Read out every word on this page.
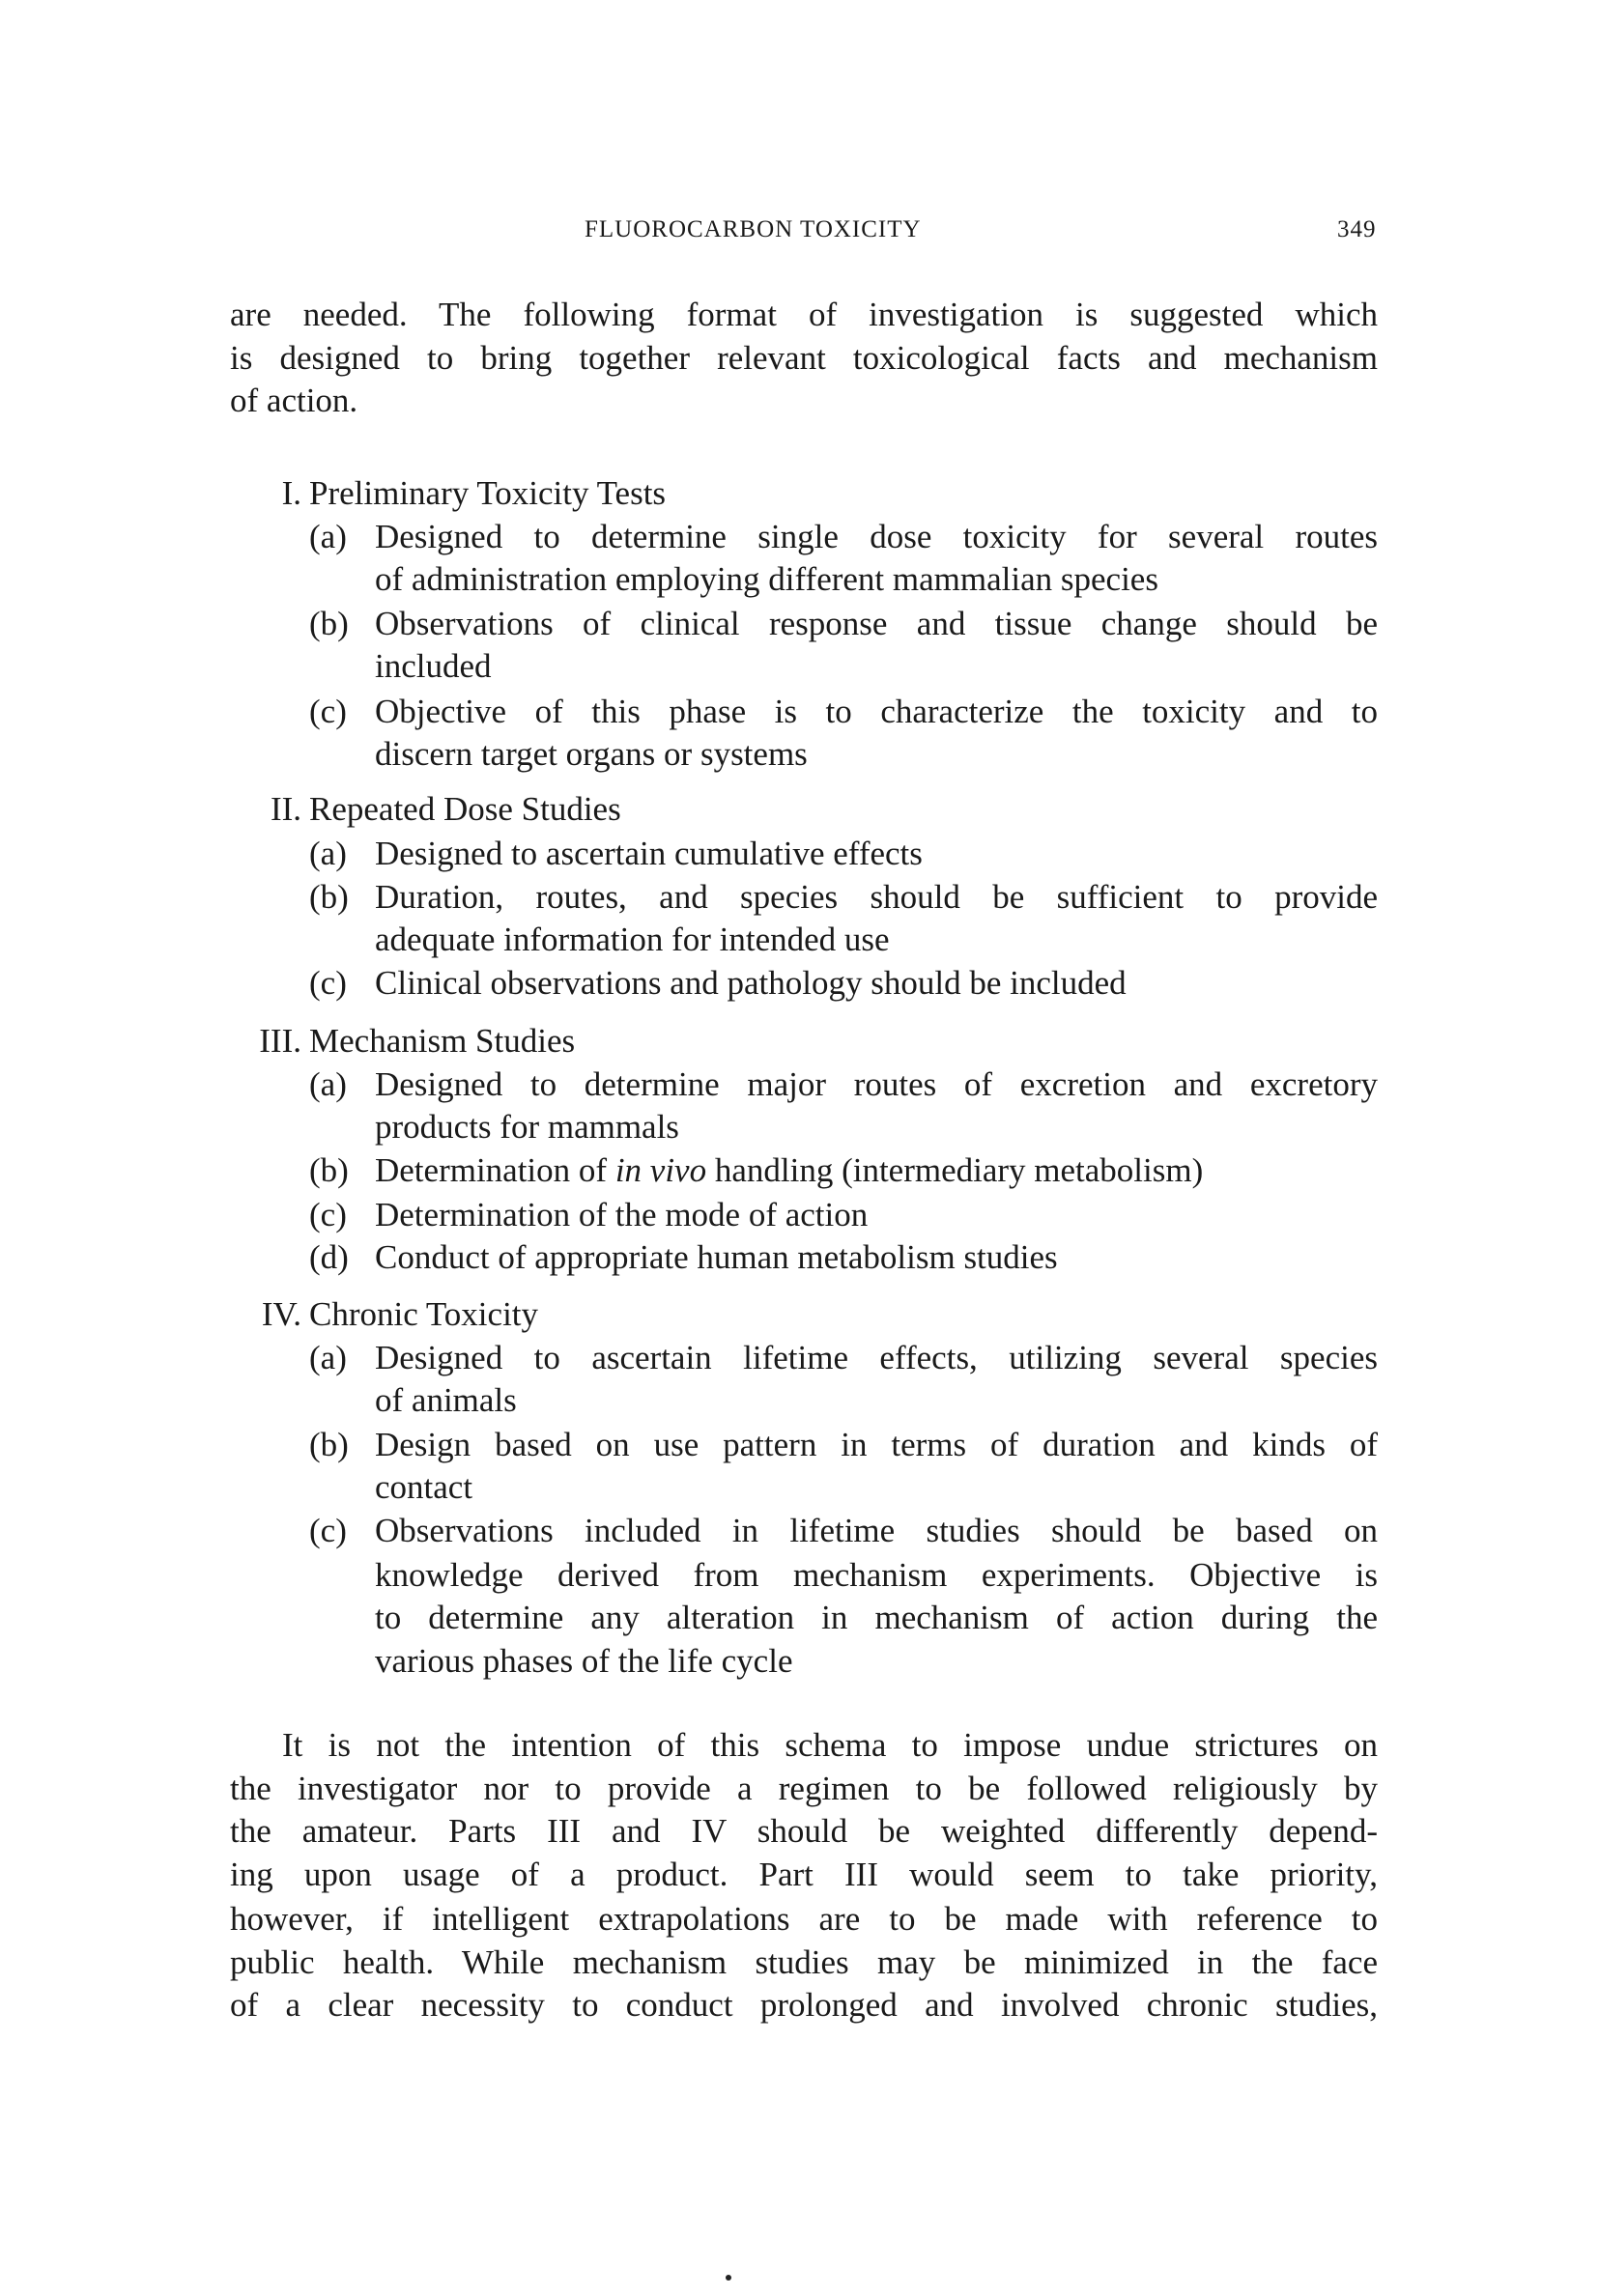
FLUOROCARBON TOXICITY	349
are needed. The following format of investigation is suggested which
is designed to bring together relevant toxicological facts and mechanism
of action.
I. Preliminary Toxicity Tests
(a) Designed to determine single dose toxicity for several routes
of administration employing different mammalian species
(b) Observations of clinical response and tissue change should be
included
(c) Objective of this phase is to characterize the toxicity and to
discern target organs or systems
II. Repeated Dose Studies
(a) Designed to ascertain cumulative effects
(b) Duration, routes, and species should be sufficient to provide
adequate information for intended use
(c) Clinical observations and pathology should be included
III. Mechanism Studies
(a) Designed to determine major routes of excretion and excretory
products for mammals
(b) Determination of in vivo handling (intermediary metabolism)
(c) Determination of the mode of action
(d) Conduct of appropriate human metabolism studies
IV. Chronic Toxicity
(a) Designed to ascertain lifetime effects, utilizing several species
of animals
(b) Design based on use pattern in terms of duration and kinds of
contact
(c) Observations included in lifetime studies should be based on
knowledge derived from mechanism experiments. Objective is
to determine any alteration in mechanism of action during the
various phases of the life cycle
It is not the intention of this schema to impose undue strictures on
the investigator nor to provide a regimen to be followed religiously by
the amateur. Parts III and IV should be weighted differently depend-
ing upon usage of a product. Part III would seem to take priority,
however, if intelligent extrapolations are to be made with reference to
public health. While mechanism studies may be minimized in the face
of a clear necessity to conduct prolonged and involved chronic studies,
